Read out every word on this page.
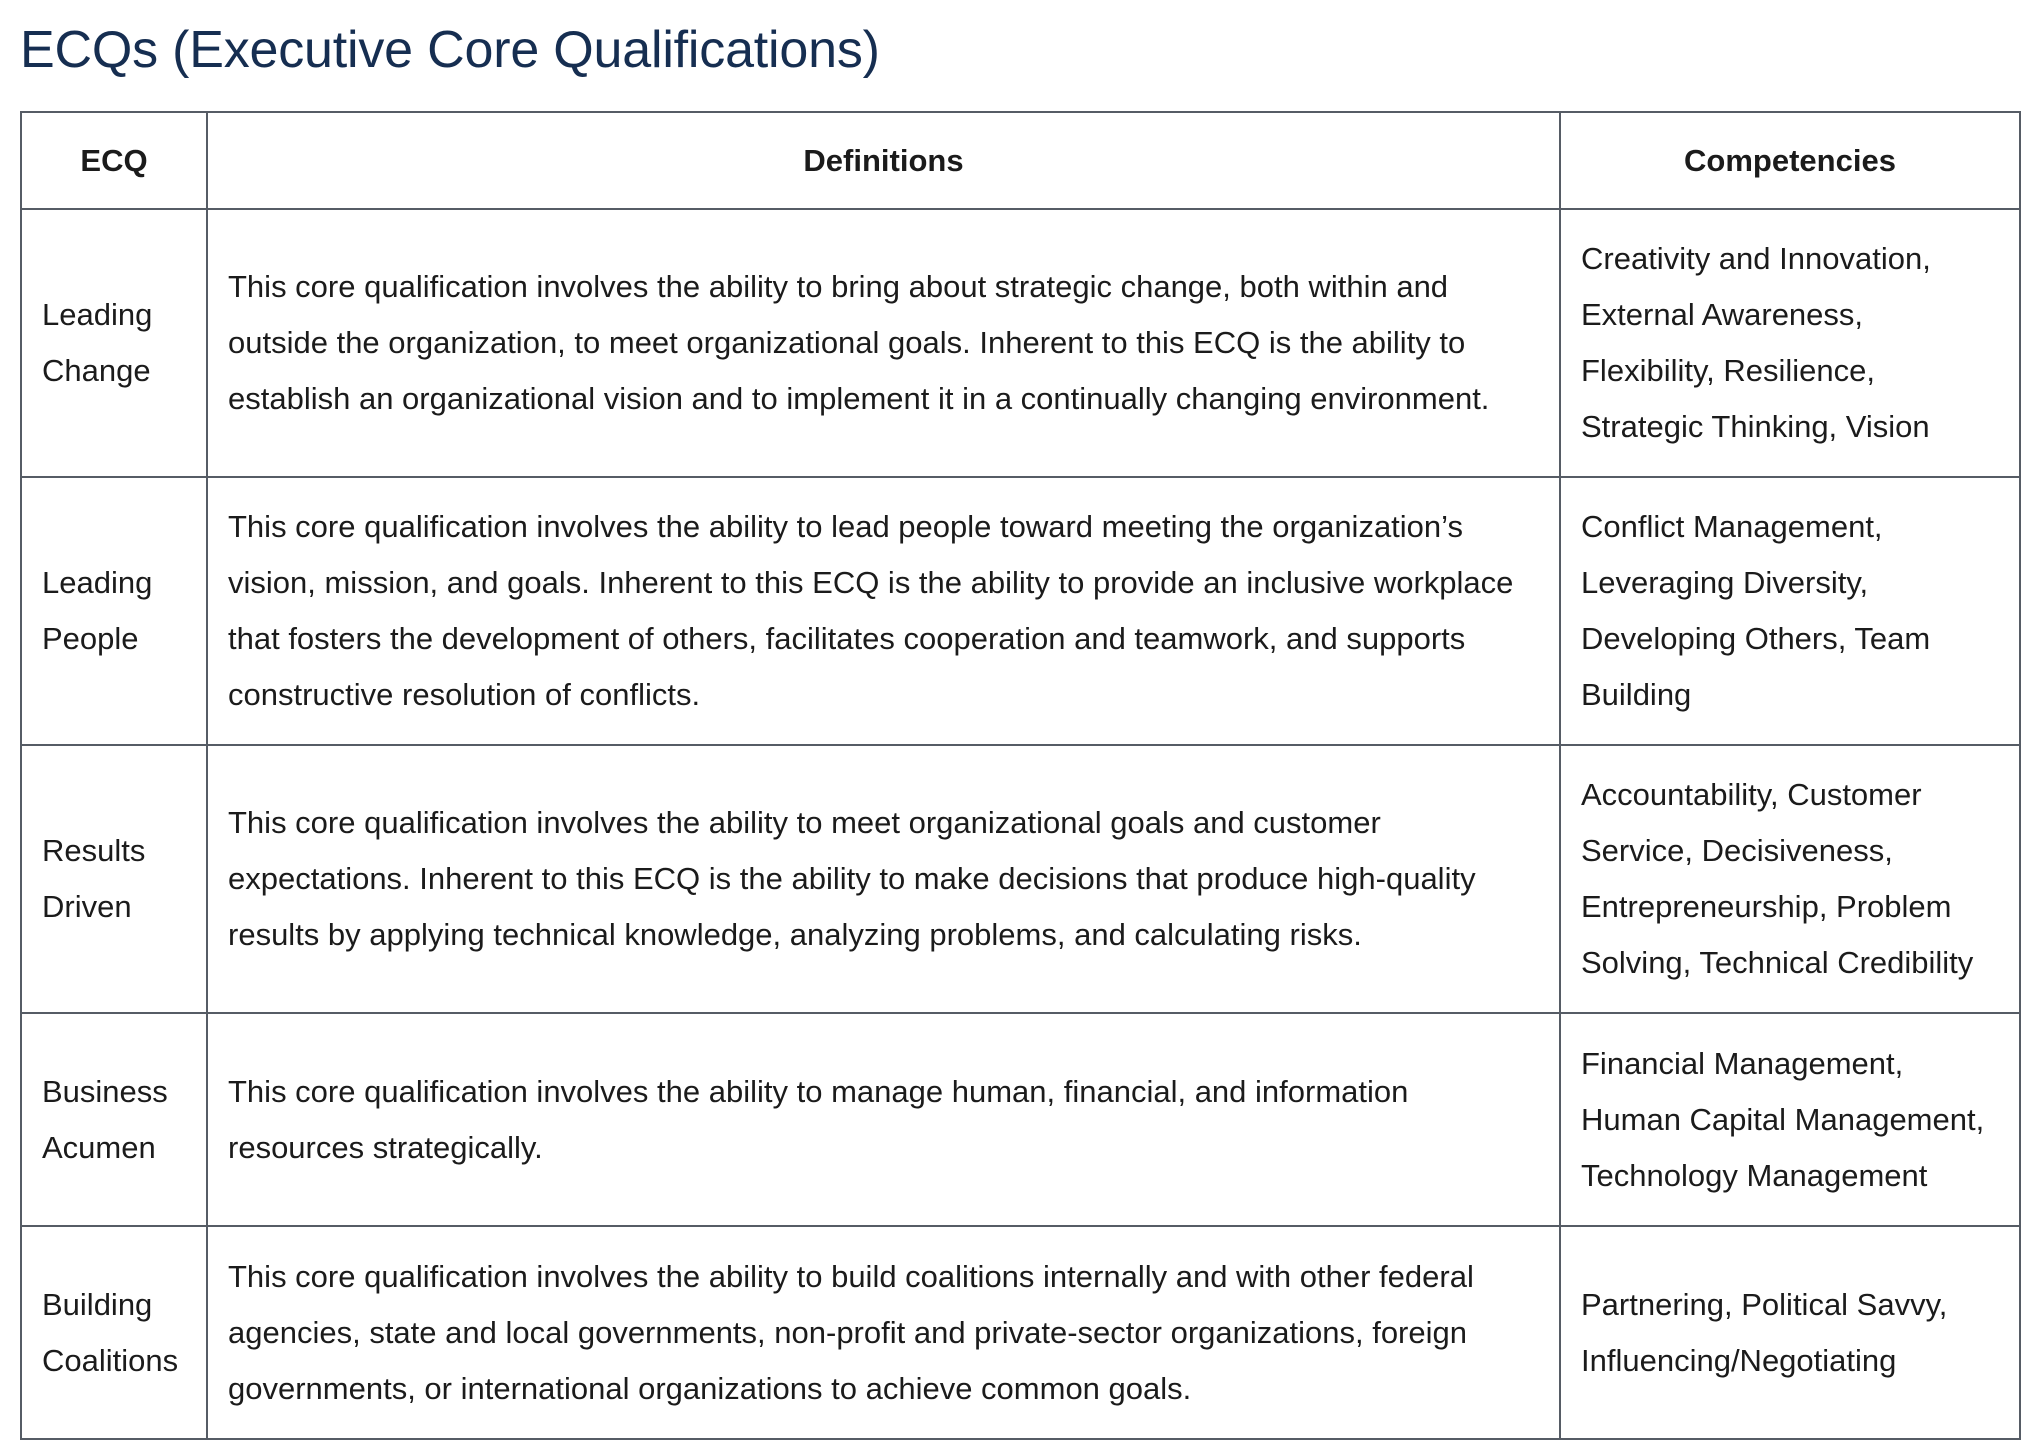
ECQs (Executive Core Qualifications)
ECQ	Definitions	Competencies
Leading Change	This core qualification involves the ability to bring about strategic change, both within and outside the organization, to meet organizational goals. Inherent to this ECQ is the ability to establish an organizational vision and to implement it in a continually changing environment.	Creativity and Innovation, External Awareness, Flexibility, Resilience, Strategic Thinking, Vision
Leading People	This core qualification involves the ability to lead people toward meeting the organization’s vision, mission, and goals. Inherent to this ECQ is the ability to provide an inclusive workplace that fosters the development of others, facilitates cooperation and teamwork, and supports constructive resolution of conflicts.	Conflict Management, Leveraging Diversity, Developing Others, Team Building
Results Driven	This core qualification involves the ability to meet organizational goals and customer expectations. Inherent to this ECQ is the ability to make decisions that produce high-quality results by applying technical knowledge, analyzing problems, and calculating risks.	Accountability, Customer Service, Decisiveness, Entrepreneurship, Problem Solving, Technical Credibility
Business Acumen	This core qualification involves the ability to manage human, financial, and information resources strategically.	Financial Management, Human Capital Management, Technology Management
Building Coalitions	This core qualification involves the ability to build coalitions internally and with other federal agencies, state and local governments, non-profit and private-sector organizations, foreign governments, or international organizations to achieve common goals.	Partnering, Political Savvy, Influencing/Negotiating
